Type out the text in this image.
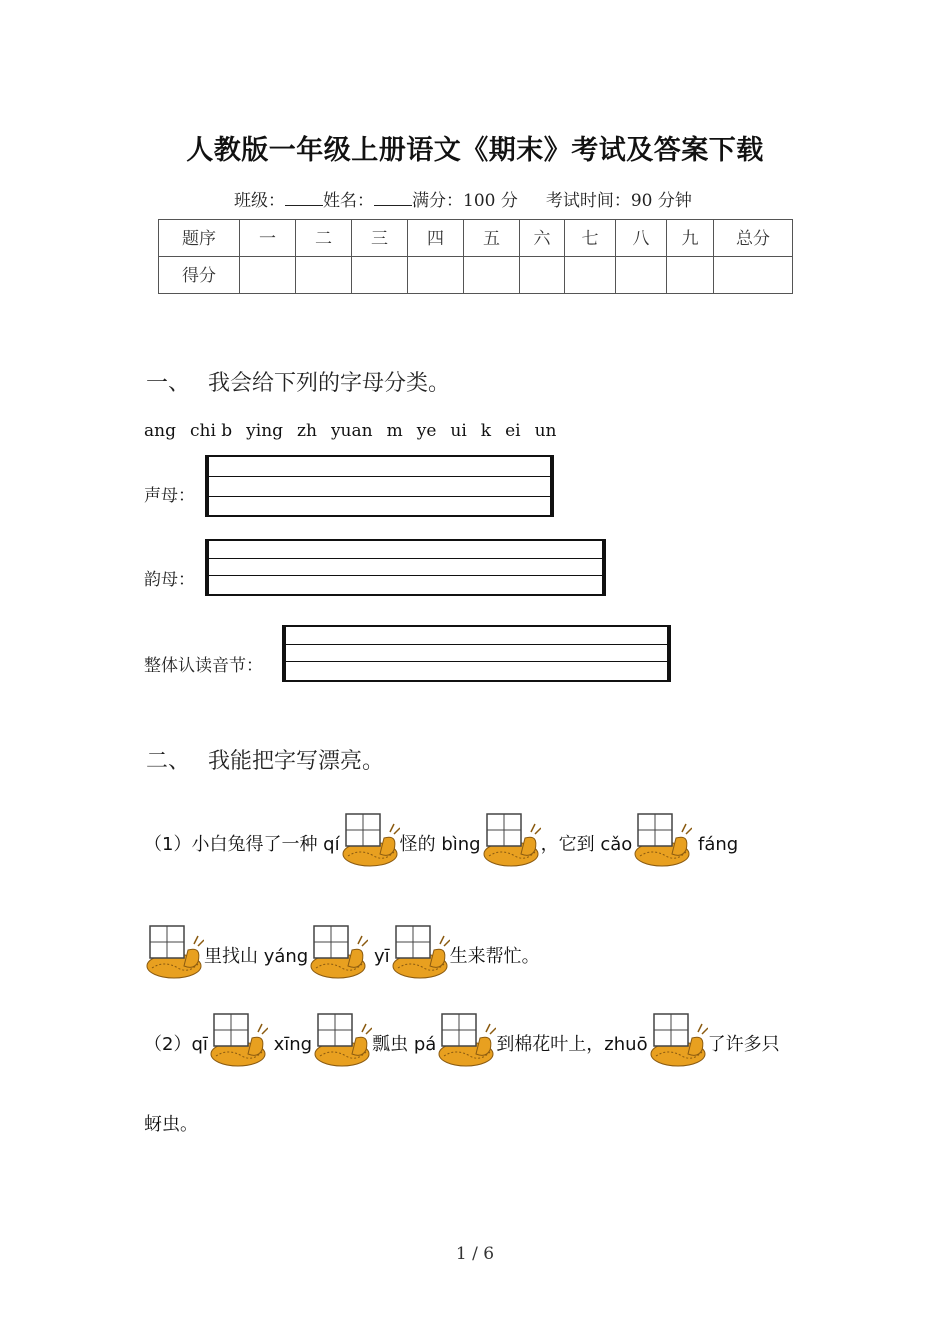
人教版一年级上册语文《期末》考试及答案下载
班级： 姓名： 满分：100 分 考试时间：90 分钟
题序	一	二	三	四	五	六	七	八	九	总分

得分										

一、 我会给下列的字母分类。
ang chi b ying zh yuan m ye ui k ei un
声母：
韵母：
整体认读音节：
二、 我能把字写漂亮。
（1）小白兔得了一种 qí	怪的 bìng	，它到 cǎo	fáng
里找山 yáng	yī	生来帮忙。
（2）qī	xīng	瓢虫 pá	到棉花叶上，zhuō	了许多只
蚜虫。
1 / 6
